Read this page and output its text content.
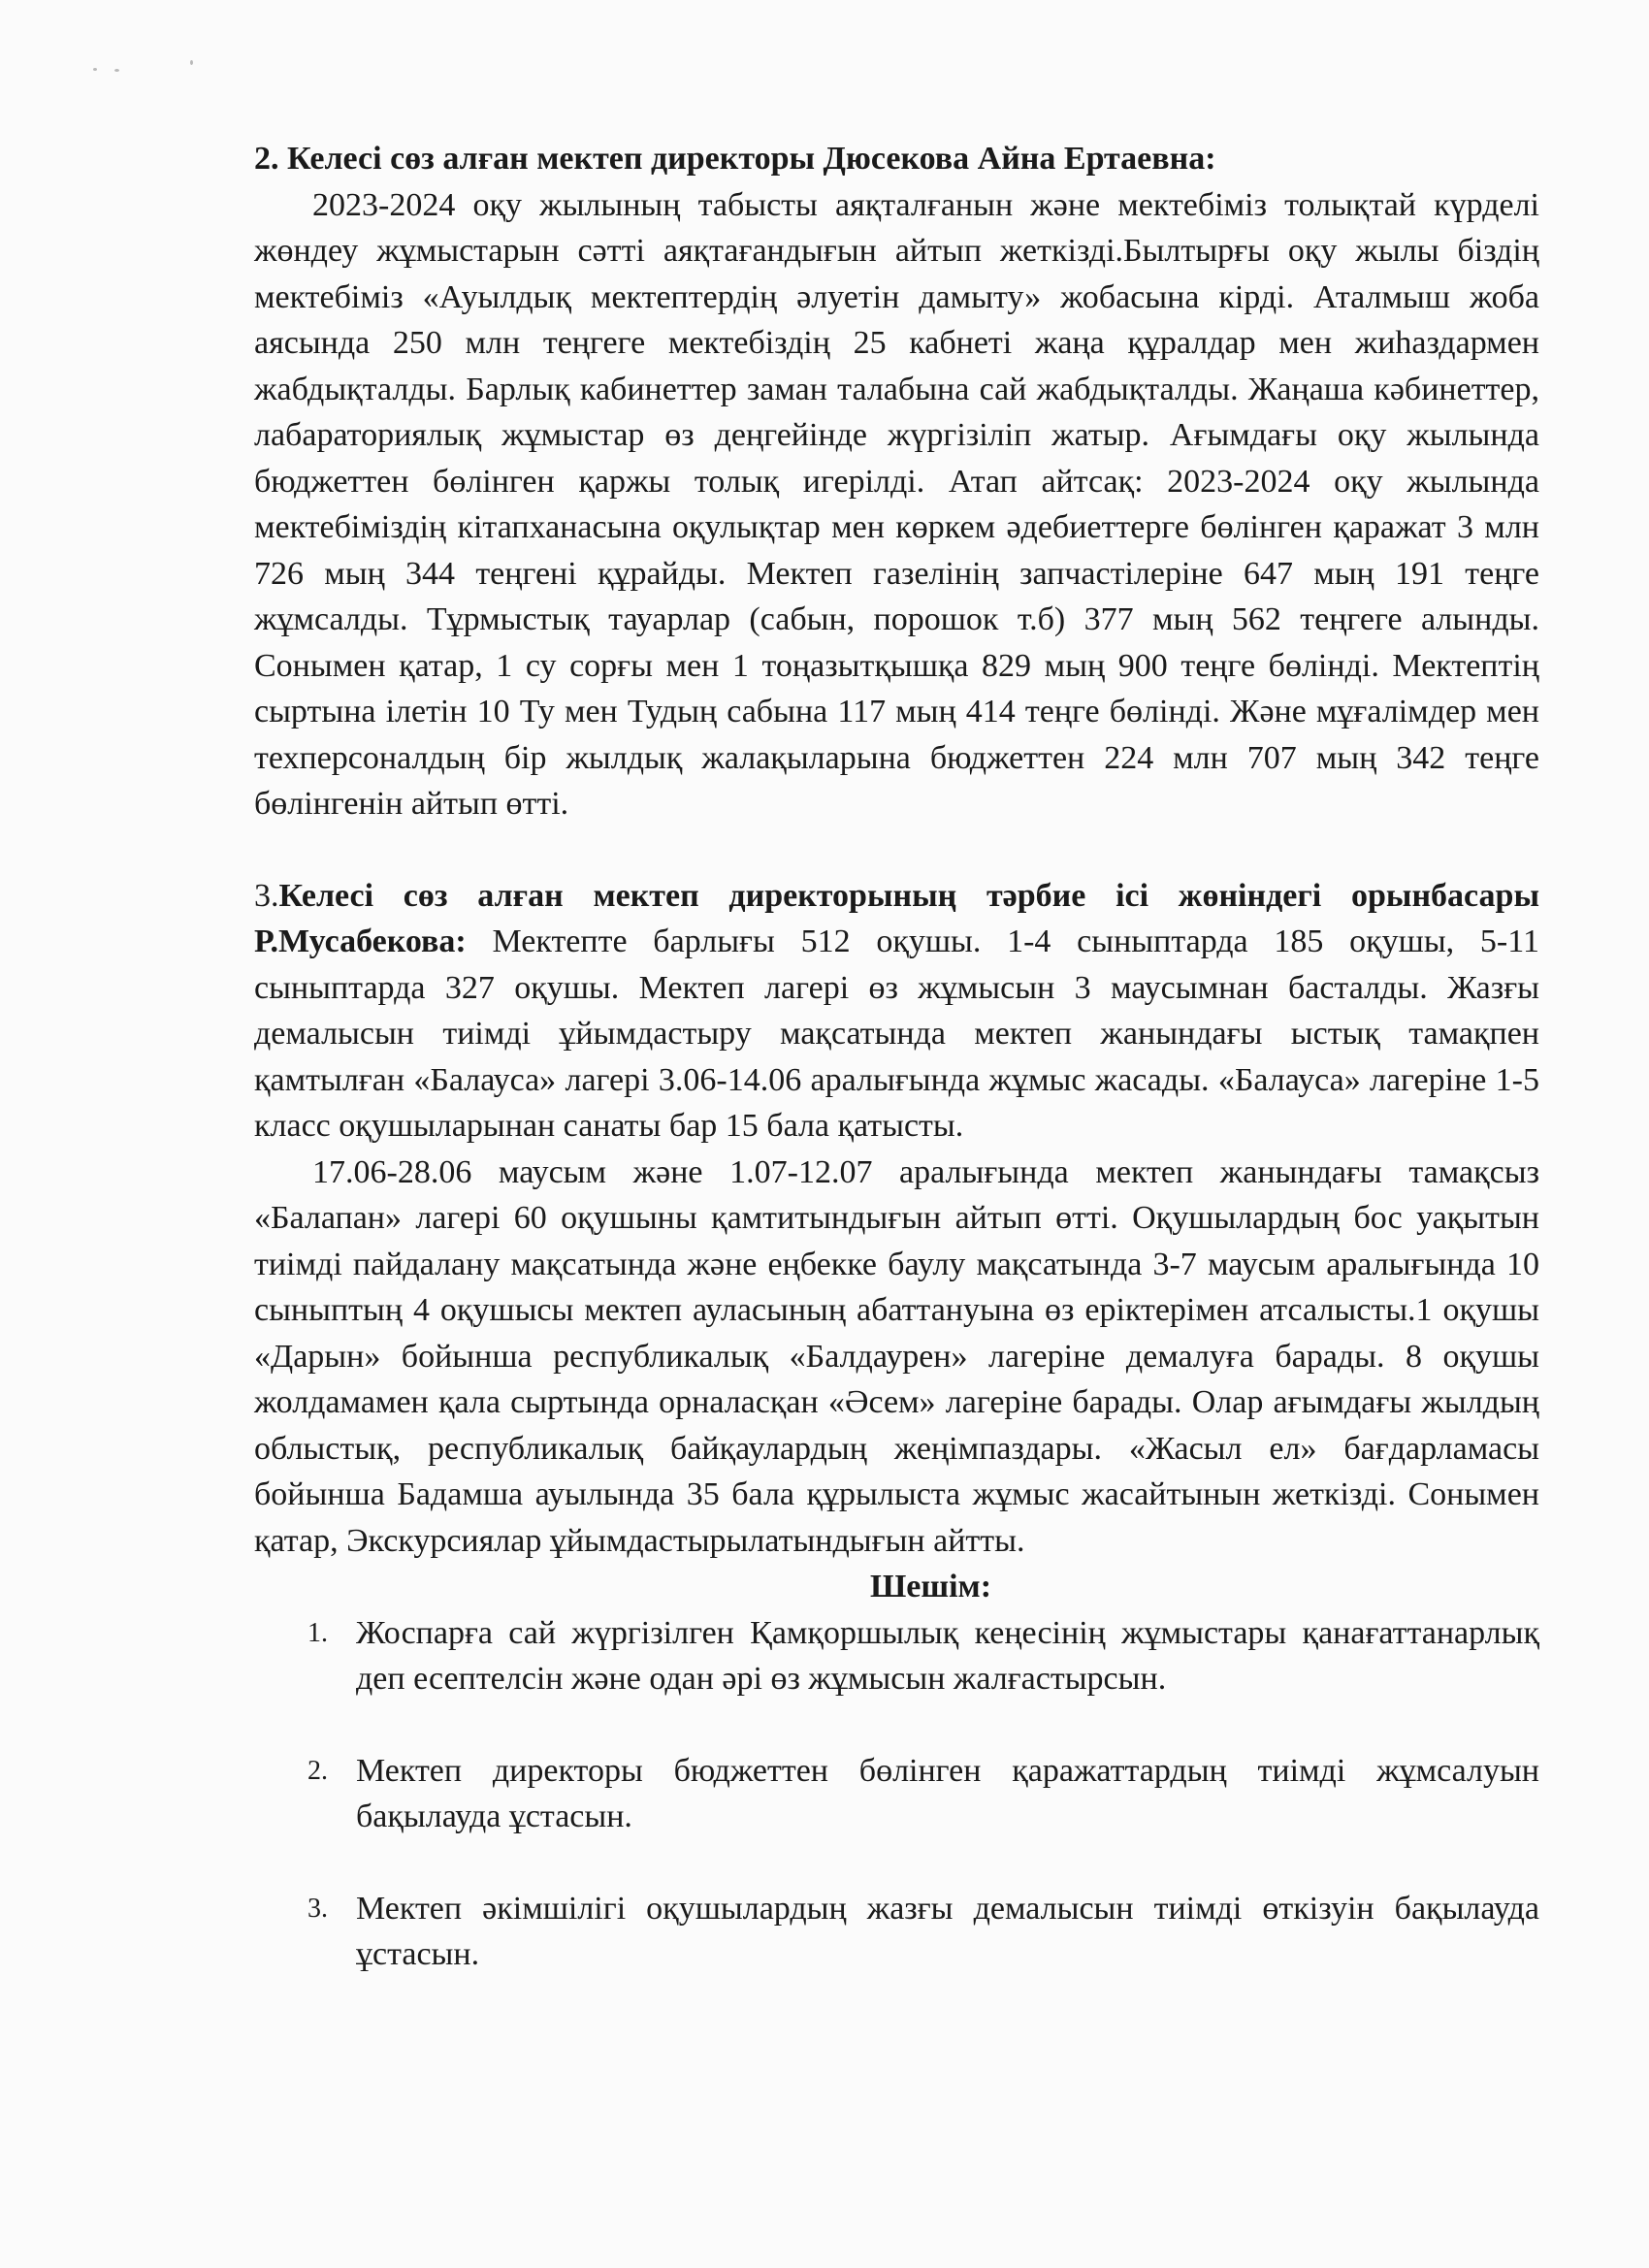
2. Келесі сөз алған мектеп директоры Дюсекова Айна Ертаевна:

2023-2024 оқу жылының табысты аяқталғанын және мектебіміз толықтай күрделі жөндеу жұмыстарын сәтті аяқтағандығын айтып жеткізді.Былтырғы оқу жылы біздің мектебіміз «Ауылдық мектептердің әлуетін дамыту» жобасына кірді. Аталмыш жоба аясында 250 млн теңгеге мектебіздің 25 кабнеті жаңа құралдар мен жиһаздармен жабдықталды. Барлық кабинеттер заман талабына сай жабдықталды. Жаңаша кәбинеттер, лабараториялық жұмыстар өз деңгейінде жүргізіліп жатыр. Ағымдағы оқу жылында бюджеттен бөлінген қаржы толық игерілді. Атап айтсақ: 2023-2024 оқу жылында мектебіміздің кітапханасына оқулықтар мен көркем әдебиеттерге бөлінген қаражат 3 млн 726 мың 344 теңгені құрайды. Мектеп газелінің запчастілеріне 647 мың 191 теңге жұмсалды. Тұрмыстық тауарлар (сабын, порошок т.б) 377 мың 562 теңгеге алынды. Сонымен қатар, 1 су сорғы мен 1 тоңазытқышқа 829 мың 900 теңге бөлінді. Мектептің сыртына ілетін 10 Ту мен Тудың сабына 117 мың 414 теңге бөлінді. Және мұғалімдер мен техперсоналдың бір жылдық жалақыларына бюджеттен 224 млн 707 мың 342 теңге бөлінгенін айтып өтті.

3.Келесі сөз алған мектеп директорының тәрбие ісі жөніндегі орынбасары Р.Мусабекова: Мектепте барлығы 512 оқушы. 1-4 сыныптарда 185 оқушы, 5-11 сыныптарда 327 оқушы. Мектеп лагері өз жұмысын 3 маусымнан басталды. Жазғы демалысын тиімді ұйымдастыру мақсатында мектеп жанындағы ыстық тамақпен қамтылған «Балауса» лагері 3.06-14.06 аралығында жұмыс жасады. «Балауса» лагеріне 1-5 класс оқушыларынан санаты бар 15 бала қатысты.

17.06-28.06 маусым және 1.07-12.07 аралығында мектеп жанындағы тамақсыз «Балапан» лагері 60 оқушыны қамтитындығын айтып өтті. Оқушылардың бос уақытын тиімді пайдалану мақсатында және еңбекке баулу мақсатында 3-7 маусым аралығында 10 сыныптың 4 оқушысы мектеп ауласының абаттануына өз еріктерімен атсалысты.1 оқушы «Дарын» бойынша республикалық «Балдаурен» лагеріне демалуға барады. 8 оқушы жолдамамен қала сыртында орналасқан «Әсем» лагеріне барады. Олар ағымдағы жылдың облыстық, республикалық байқаулардың жеңімпаздары. «Жасыл ел» бағдарламасы бойынша Бадамша ауылында 35 бала құрылыста жұмыс жасайтынын жеткізді. Сонымен қатар, Экскурсиялар ұйымдастырылатындығын айтты.

Шешім:

1. Жоспарға сай жүргізілген Қамқоршылық кеңесінің жұмыстары қанағаттанарлық деп есептелсін және одан әрі өз жұмысын жалғастырсын.
2. Мектеп директоры бюджеттен бөлінген қаражаттардың тиімді жұмсалуын бақылауда ұстасын.
3. Мектеп әкімшілігі оқушылардың жазғы демалысын тиімді өткізуін бақылауда ұстасын.
